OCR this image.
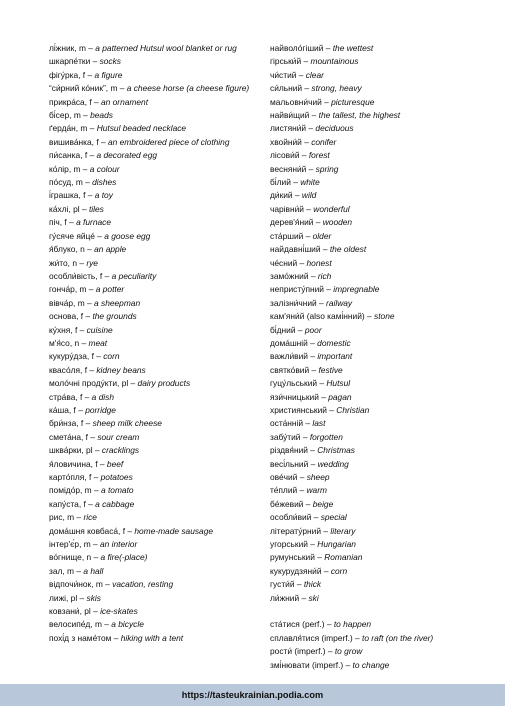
лі́жник, m – a patterned Hutsul wool blanket or rug
шкарпе́тки – socks
фігу́рка, f – a figure
“си́рний ко́ник”, m – a cheese horse (a cheese figure)
прикра́са, f – an ornament
бі́сер, m – beads
ґерда́н, m – Hutsul beaded necklace
вишива́нка, f – an embroidered piece of clothing
пи́санка, f – a decorated egg
ко́лір, m – a colour
по́суд, m – dishes
і́грашка, f – a toy
ка́хлі, pl – tiles
піч, f – a furnace
гу́сяче яйце́ – a goose egg
я́блуко, n – an apple
жи́то, n – rye
особли́вість, f – a peculiarity
гонча́р, m – a potter
вівча́р, m – a sheepman
основа, f – the grounds
ку́хня, f – cuisine
м'я́со, n – meat
кукуру́дза, f – corn
квасо́ля, f – kidney beans
моло́чні проду́кти, pl – dairy products
стра́ва, f – a dish
ка́ша, f – porridge
бри́нза, f – sheep milk cheese
смета́на, f – sour cream
шква́рки, pl – cracklings
я́ловичина, f – beef
карто́пля, f – potatoes
помідо́р, m – a tomato
капу́ста, f – a cabbage
рис, m – rice
дома́шня ковбаса́, f – home-made sausage
інтер'є́р, m – an interior
во́гнище, n – a fire(-place)
зал, m – a hall
відпочи́нок, m – vacation, resting
лижі, pl – skis
ковзани́, pl – ice-skates
велосипе́д, m – a bicycle
похі́д з наме́том – hiking with a tent
найволо́гіший – the wettest
гірськи́й – mountainous
чи́стий – clear
си́льний – strong, heavy
мальовни́чий – picturesque
найви́щий – the tallest, the highest
листяни́й – deciduous
хвойни́й – conifer
лісови́й – forest
весняни́й – spring
бі́лий – white
ди́кий – wild
чарівни́й – wonderful
дерев'я́ний – wooden
ста́рший – older
найдавні́ший – the oldest
че́сний – honest
замо́жний – rich
непристу́пний – impregnable
залізни́чний – railway
кам'яни́й (also камі́нний) – stone
бі́дний – poor
дома́шній – domestic
важли́вий – important
святко́вий – festive
гуцу́льський – Hutsul
язи́чницький – pagan
християнський – Christian
оста́нній – last
забу́тий – forgotten
різдвя́ний – Christmas
весі́льний – wedding
ове́чий – sheep
те́плий – warm
бе́жевий – beige
особли́вий – special
літерату́рний – literary
угорський – Hungarian
румунський – Romanian
кукурудзяни́й – corn
густи́й – thick
ли́жний – ski
ста́тися (perf.) – to happen
сплавля́тися (imperf.) – to raft (on the river)
рости́ (imperf.) – to grow
змі́нювати (imperf.) – to change
https://tasteukrainian.podia.com
